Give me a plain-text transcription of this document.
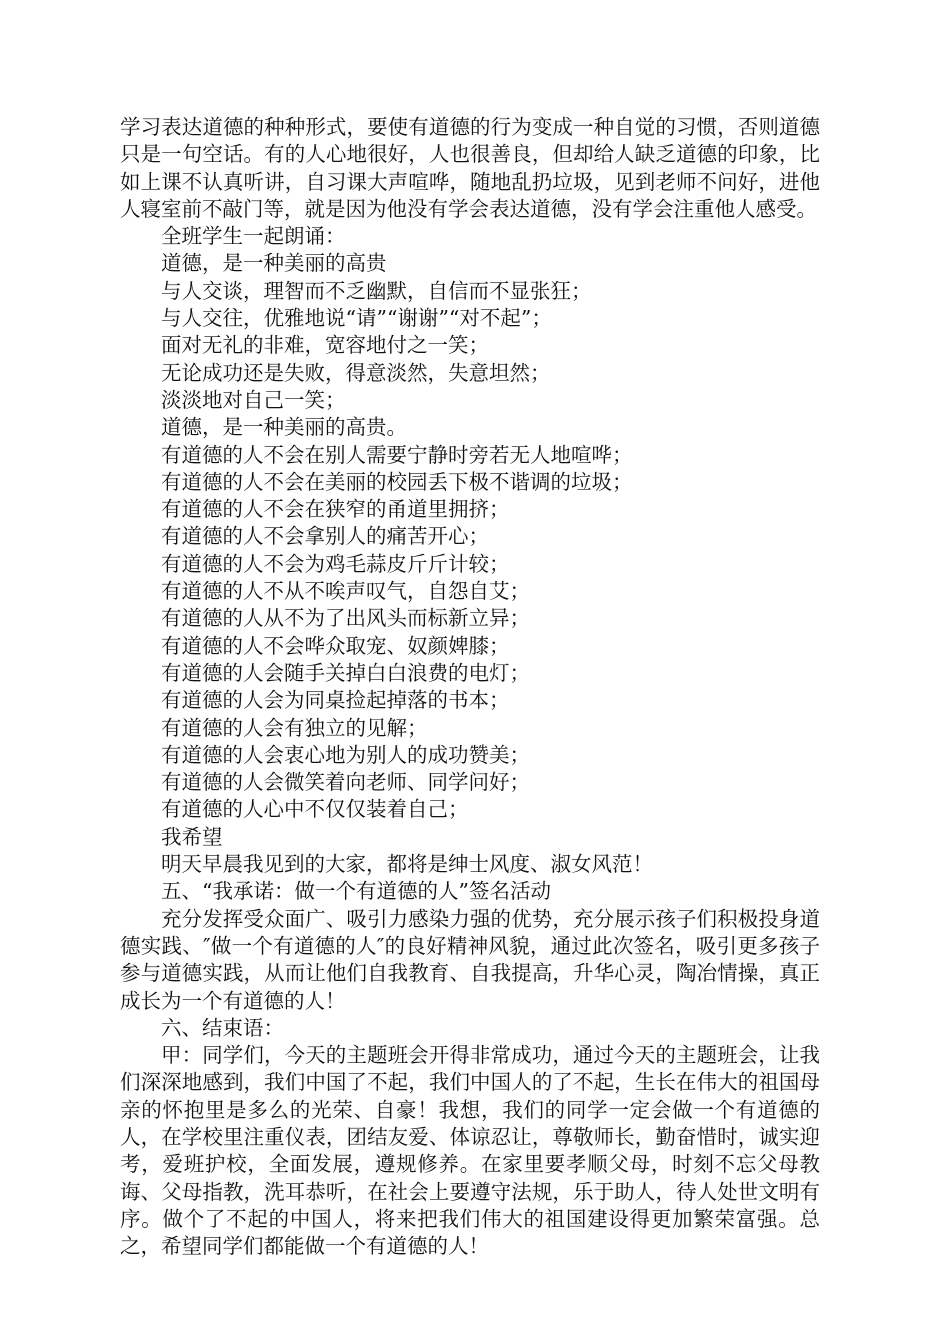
学习表达道德的种种形式，要使有道德的行为变成一种自觉的习惯，否则道德只是一句空话。有的人心地很好，人也很善良，但却给人缺乏道德的印象，比如上课不认真听讲，自习课大声喧哗，随地乱扔垃圾，见到老师不问好，进他人寝室前不敲门等，就是因为他没有学会表达道德，没有学会注重他人感受。

全班学生一起朗诵：

道德，是一种美丽的高贵

与人交谈，理智而不乏幽默，自信而不显张狂；

与人交往，优雅地说“请”“谢谢”“对不起”；

面对无礼的非难，宽容地付之一笑；

无论成功还是失败，得意淡然，失意坦然；

淡淡地对自己一笑；

道德，是一种美丽的高贵。

有道德的人不会在别人需要宁静时旁若无人地喧哗；

有道德的人不会在美丽的校园丢下极不谐调的垃圾；

有道德的人不会在狭窄的甬道里拥挤；

有道德的人不会拿别人的痛苦开心；

有道德的人不会为鸡毛蒜皮斤斤计较；

有道德的人不从不唉声叹气，自怨自艾；

有道德的人从不为了出风头而标新立异；

有道德的人不会哗众取宠、奴颜婢膝；

有道德的人会随手关掉白白浪费的电灯；

有道德的人会为同桌捡起掉落的书本；

有道德的人会有独立的见解；

有道德的人会衷心地为别人的成功赞美；

有道德的人会微笑着向老师、同学问好；

有道德的人心中不仅仅装着自己；

我希望

明天早晨我见到的大家，都将是绅士风度、淑女风范！

五、“我承诺：做一个有道德的人”签名活动

充分发挥受众面广、吸引力感染力强的优势，充分展示孩子们积极投身道德实践、″做一个有道德的人″的良好精神风貌，通过此次签名，吸引更多孩子参与道德实践，从而让他们自我教育、自我提高，升华心灵，陶冶情操，真正成长为一个有道德的人！

六、结束语：

甲：同学们，今天的主题班会开得非常成功，通过今天的主题班会，让我们深深地感到，我们中国了不起，我们中国人的了不起，生长在伟大的祖国母亲的怀抱里是多么的光荣、自豪！我想，我们的同学一定会做一个有道德的人，在学校里注重仪表，团结友爱、体谅忍让，尊敬师长，勤奋惜时，诚实迎考，爱班护校，全面发展，遵规修养。在家里要孝顺父母，时刻不忘父母教诲、父母指教，洗耳恭听，在社会上要遵守法规，乐于助人，待人处世文明有序。做个了不起的中国人，将来把我们伟大的祖国建设得更加繁荣富强。总之，希望同学们都能做一个有道德的人！
